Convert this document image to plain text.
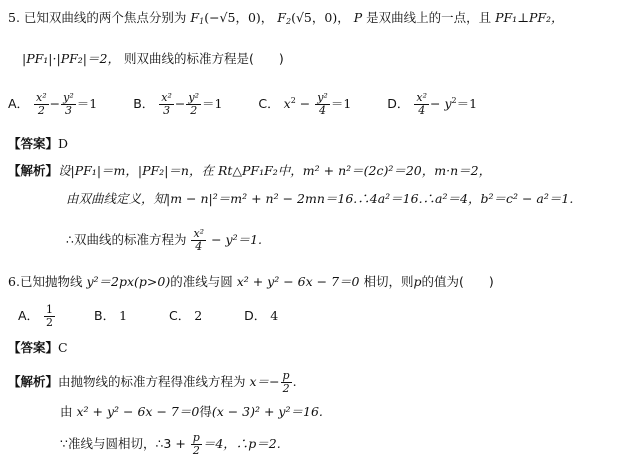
5. 已知双曲线的两个焦点分别为 $F_1(-√5$，0)， $F_2(√5$，0)， P 是双曲线上的一点，且 PF₁⊥PF₂，
|PF₁|·|PF₂|＝2， 则双曲线的标准方程是(　　)
A． $\frac{\text{x²}}{2} - \frac{\text{y²}}{3} =1$	B． $\frac{\text{x²}}{3} - \frac{\text{y²}}{2} =1$	C． $x^2 - \frac{\text{y²}}{4} =1$	D． $\frac{\text{x²}}{4} - y^2=1$
【答案】D
【解析】设|PF₁|＝m，|PF₂|＝n，在 Rt△PF₁F₂中，m² + n²＝(2c)²＝20，m·n＝2，
由双曲线定义，知|m − n|²＝m² + n² − 2mn＝16.∴4a²＝16.∴a²＝4，b²＝c² − a²＝1.
∴双曲线的标准方程为 $\frac{\text{x²}}{4} - y^2=1$.
6.已知抛物线 y²＝2px(p>0)的准线与圆 x² + y² − 6x − 7＝0 相切，则p的值为(　　)
A． $\frac{1}{2}$	B． 1	C． 2	D． 4
【答案】C
【解析】由抛物线的标准方程得准线方程为 $x=- \frac{p}{2}$ .
由 x² + y² − 6x − 7＝0得(x − 3)² + y²＝16.
∵准线与圆相切，∴3 + $\frac{p}{2} =4$，∴p＝2.
